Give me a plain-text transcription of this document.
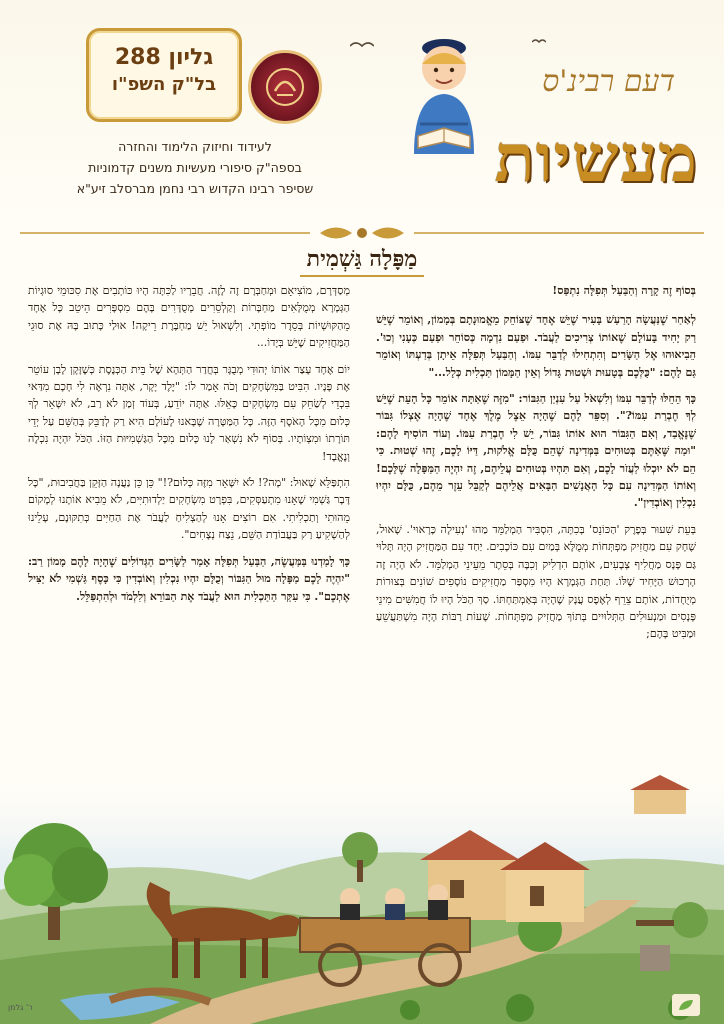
גליון 288
בל"ק השפ"ו
לעידוד וחיזוק הלימוד והחזרה
בספה"ק סיפורי מעשיות משנים קדמוניות
שסיפר רבינו הקדוש רבי נחמן מברסלב זיע"א
דעם רבינ'ס
מעשיות
מַפָּלָה גַּשְׁמִית

בְּסוֹף זֶה קָרָה וְהַבַּעַל תְּפִלָּה נִתְפַּס!

לְאַחַר שֶׁנַּעֲשָׂה הָרַעַשׁ בָּעִיר שֶׁיֵּשׁ אֶחָד שֶׁצּוֹחֵק מֵאֱמוּנָתָם בְּמָמוֹן, וְאוֹמֵר שֶׁיֵּשׁ רַק יָחִיד בָּעוֹלָם שֶׁאוֹתוֹ צְרִיכִים לַעֲבֹד. וּפַעַם נִדְמָה כְּסוֹחֵר וּפַעַם כְּעָנִי וְכוּ'. הֵבִיאוּהוּ אֶל הַשָּׂרִים וְהִתְחִילוּ לְדַבֵּר עִמּוֹ. וְהַבַּעַל תְּפִלָּה אֵיתָן בְּדַעְתּוֹ וְאוֹמֵר גַּם לָהֶם: "כֻּלְּכֶם בְּטָעוּת וּשְׁטוּת גָּדוֹל וְאֵין הַמָּמוֹן תַּכְלִית כְּלָל..."

כָּךְ הֵחֵלּוּ לְדַבֵּר עִמּוֹ וְלִשְׁאֹל עַל עִנְיַן הַגִּבּוֹר: "מִזֶּה שֶׁאַתָּה אוֹמֵר כָּל הָעֵת שֶׁיֵּשׁ לְךָ חֶבְרַת עִמּוֹ?". וְסִפֵּר לָהֶם שֶׁהָיָה אֵצֶל מֶלֶךְ אֶחָד שֶׁהָיָה אֶצְלוֹ גִּבּוֹר שֶׁנֶּאֱבַד, וְאִם הַגִּבּוֹר הוּא אוֹתוֹ גִּבּוֹר, יֵשׁ לִי חֶבְרַת עִמּוֹ. וְעוֹד הוֹסִיף לָהֶם: "וּמַה שֶּׁאַתֶּם בְּטוּחִים בַּמְּדִינָה שֶׁהֵם כֻּלָּם אֱלֹקוּת, דַּיּוֹ לָכֶם, זֶהוּ שְׁטוּת. כִּי הֵם לֹא יוּכְלוּ לַעֲזֹר לָכֶם, וְאִם תִּהְיוּ בְּטוּחִים עֲלֵיהֶם, זֶה יִהְיֶה הַמַּפָּלָה שֶׁלָּכֶם! וְאוֹתוֹ הַמְּדִינָה עִם כָּל הָאֲנָשִׁים הַבָּאִים אֲלֵיהֶם לְקַבֵּל עֵזֶר מֵהֶם, כֻּלָּם יִהְיוּ נִכְלִין וְאוֹבְדִין".

בְּעֵת שִׁעוּר בְּפֶרֶק 'הַכּוֹנֵס' בְּכִתָּה, הִסְבִּיר הַמְלַמֵּד מַהוּ 'נְעִילָה כָּרָאוּי'. שָׁאוּל, שֶׁחָק עִם מַחֲזִיק מַפְתְּחוֹת מְמֻלָּא בְּמַיִם עִם כּוֹכָבִים. יַחַד עִם הַמַּחֲזִיק הָיָה תָּלוּי גַּם פָּנָס מַחֲלִיף צְבָעִים, אוֹתָם הִדְלִיק וְכִבָּה בְּסֵתֶר מֵעֵינֵי הַמְלַמֵּד. לֹא הָיָה זֶה הָרְכוּשׁ הַיָּחִיד שֶׁלּוֹ. תַּחַת הַגְּמָרָא הָיוּ מִסְפַּר מַחֲזִיקִים נוֹסָפִים שׁוֹנִים בְּצוּרוֹת מְיֻחָדוֹת, אוֹתָם צֵרֵף לְאֶפֶס עֲנָק שֶׁהָיָה בְּאַמְתַּחְתּוֹ. סַךְ הַכֹּל הָיוּ לוֹ חֲמִשִּׁים מִינֵי פָּנָסִים וּמַנְעוּלִים הַתְּלוּיִים בְּתוֹךְ מַחֲזִיק מַפְתְּחוֹת. שָׁעוֹת רַבּוֹת הָיָה מִשְׁתַּעֲשֵׁעַ וּמַבִּיט בָּהֶם;

מְסַדְּרָם, מוֹצִיאָם וּמְחַבְּרָם זֶה לָזֶה. חֲבֵרָיו לַכִּתָּה הָיוּ כּוֹתְבִים אֶת סִכּוּמֵי סוּגְיוֹת הַגְּמָרָא מְמֻלָּאִים מַחְבָּרוֹת וְקַלְסֵרִים מְסֻדָּרִים בָּהֶם מִסְפָּרִים הֵיטֵב כָּל אֶחָד מֵהַקּוּשְׁיוֹת בְּסֵדֶר מוֹפְתִי. וְלִשְׁאוּל יֵשׁ מַחְבֶּרֶת רֵיקָה! אוּלַי כָּתוּב בָּהּ אֶת סוּגֵי הַמַּחֲזִיקִים שֶׁיֵּשׁ בְּיָדוֹ...

יוֹם אֶחָד עָצַר אוֹתוֹ יְהוּדִי מְבֻגָּר בְּחֲדַר הַתְּהָא שֶׁל בֵּית הַכְּנֶסֶת כְּשֶׁזָּקָן לָבָן עוֹטֵר אֶת פָּנָיו. הִבִּיט בַּמִּשְׂחָקִים וְכֹה אָמַר לוֹ: "יֶלֶד יָקָר, אַתָּה נִרְאֶה לִי חָכָם מִדַּאי בִּכְדֵי לְשַׂחֵק עִם מִשְׂחָקִים כָּאֵלּוּ. אַתָּה יוֹדֵעַ, בְּעוֹד זְמַן לֹא רַב, לֹא יִשָּׁאֵר לְךָ כְּלוּם מִכָּל הָאֹסֶף הַזֶּה. כָּל הַמַּטָּרָה שֶׁבָּאנוּ לָעוֹלָם הִיא רַק לְדַבֵּק בְּהַשֵּׁם עַל יְדֵי תּוֹרָתוֹ וּמִצְוֹתָיו. בְּסוֹף לֹא נִשְׁאַר לָנוּ כְּלוּם מִכָּל הַגַּשְׁמִיּוּת הַזּוֹ. הַכֹּל יִהְיֶה נִכְלֶה וְנֶאֱבָד!

הִתְפַּלֵּא שָׁאוּל: "מָה?! לֹא יִשָּׁאֵר מִזֶּה כְּלוּם?!" כֵּן כֵּן נַעֲנָה הַזָּקֵן בַּחֲבִיבוּת, "כָּל דָּבָר גַּשְׁמִי שֶׁאָנוּ מִתְעַסְּקִים, בִּפְרָט מִשְׂחָקִים יַלְדוּתִיִּים, לֹא מֵבִיא אוֹתָנוּ לְמָקוֹם מֵהוּתִי וְתַכְלִיתִי. אִם רוֹצִים אָנוּ לְהַצְלִיחַ לַעֲבֹר אֶת הַחַיִּים כְּתִקּוּנָם, עָלֵינוּ לְהַשְׁקִיעַ רַק בַּעֲבוֹדַת הַשֵּׁם, נֵצַח נְצָחִים".

כָּךְ לָמַדְנוּ בַּמַּעֲשֶׂה, הַבַּעַל תְּפִלָּה אָמַר לַשָּׂרִים הַגְּדוֹלִים שֶׁהָיָה לָהֶם מָמוֹן רַב: "יִהְיֶה לָכֶם מַפָּלָה מוּל הַגִּבּוֹר וְכֻלָּם יִהְיוּ נִכְלִין וְאוֹבְדִין כִּי כָּסֶף גַּשְׁמִי לֹא יַצִּיל אֶתְכֶם". כִּי עִקַּר הַתַּכְלִית הוּא לַעֲבֹד אֶת הַבּוֹרֵא וְלִלְמֹד וּלְהִתְפַּלֵּל.

ר' גלמן
